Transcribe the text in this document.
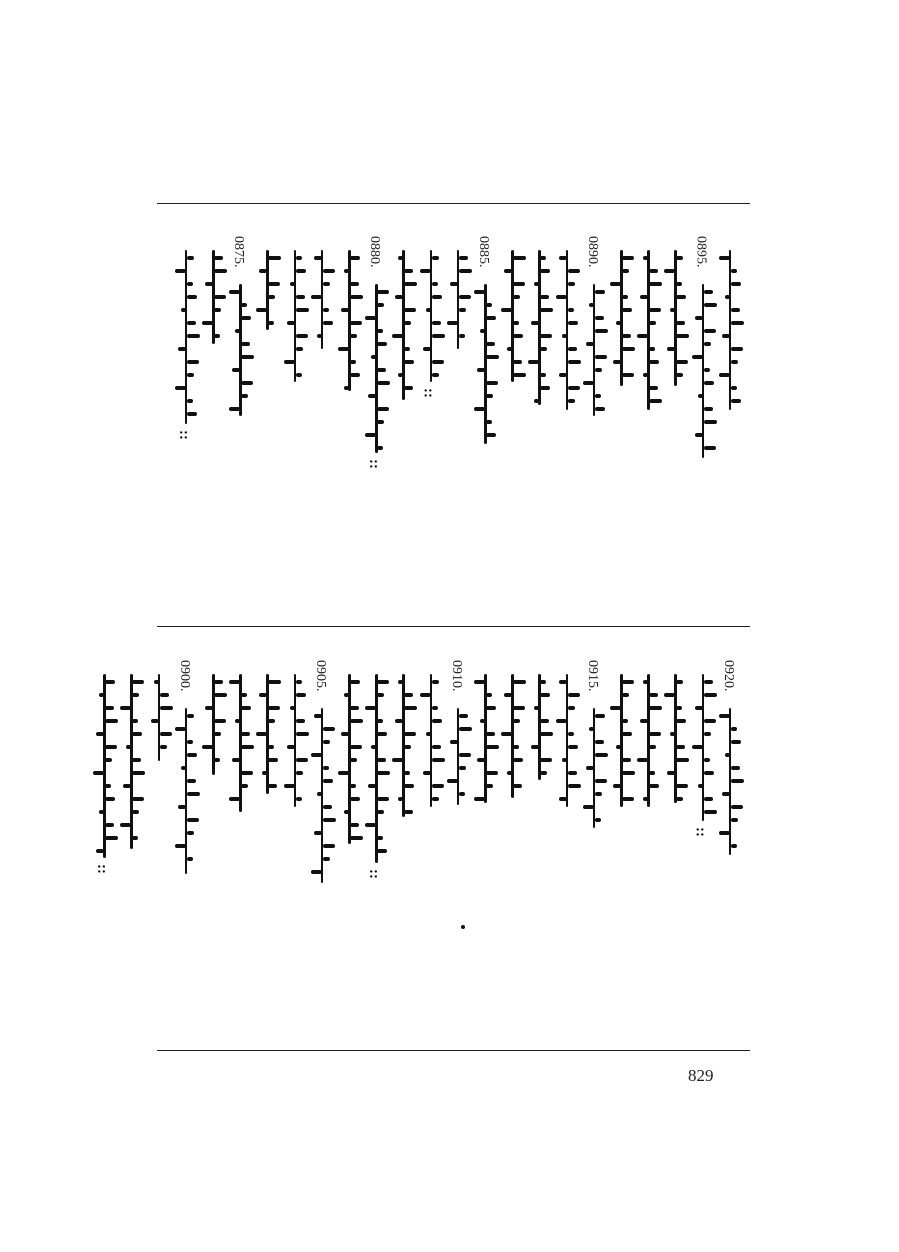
0895.
0890.
0885.
::
0880.
::
0875.
::
0920.
::
0915.
0910.
::
0905.
0900.
::
829
